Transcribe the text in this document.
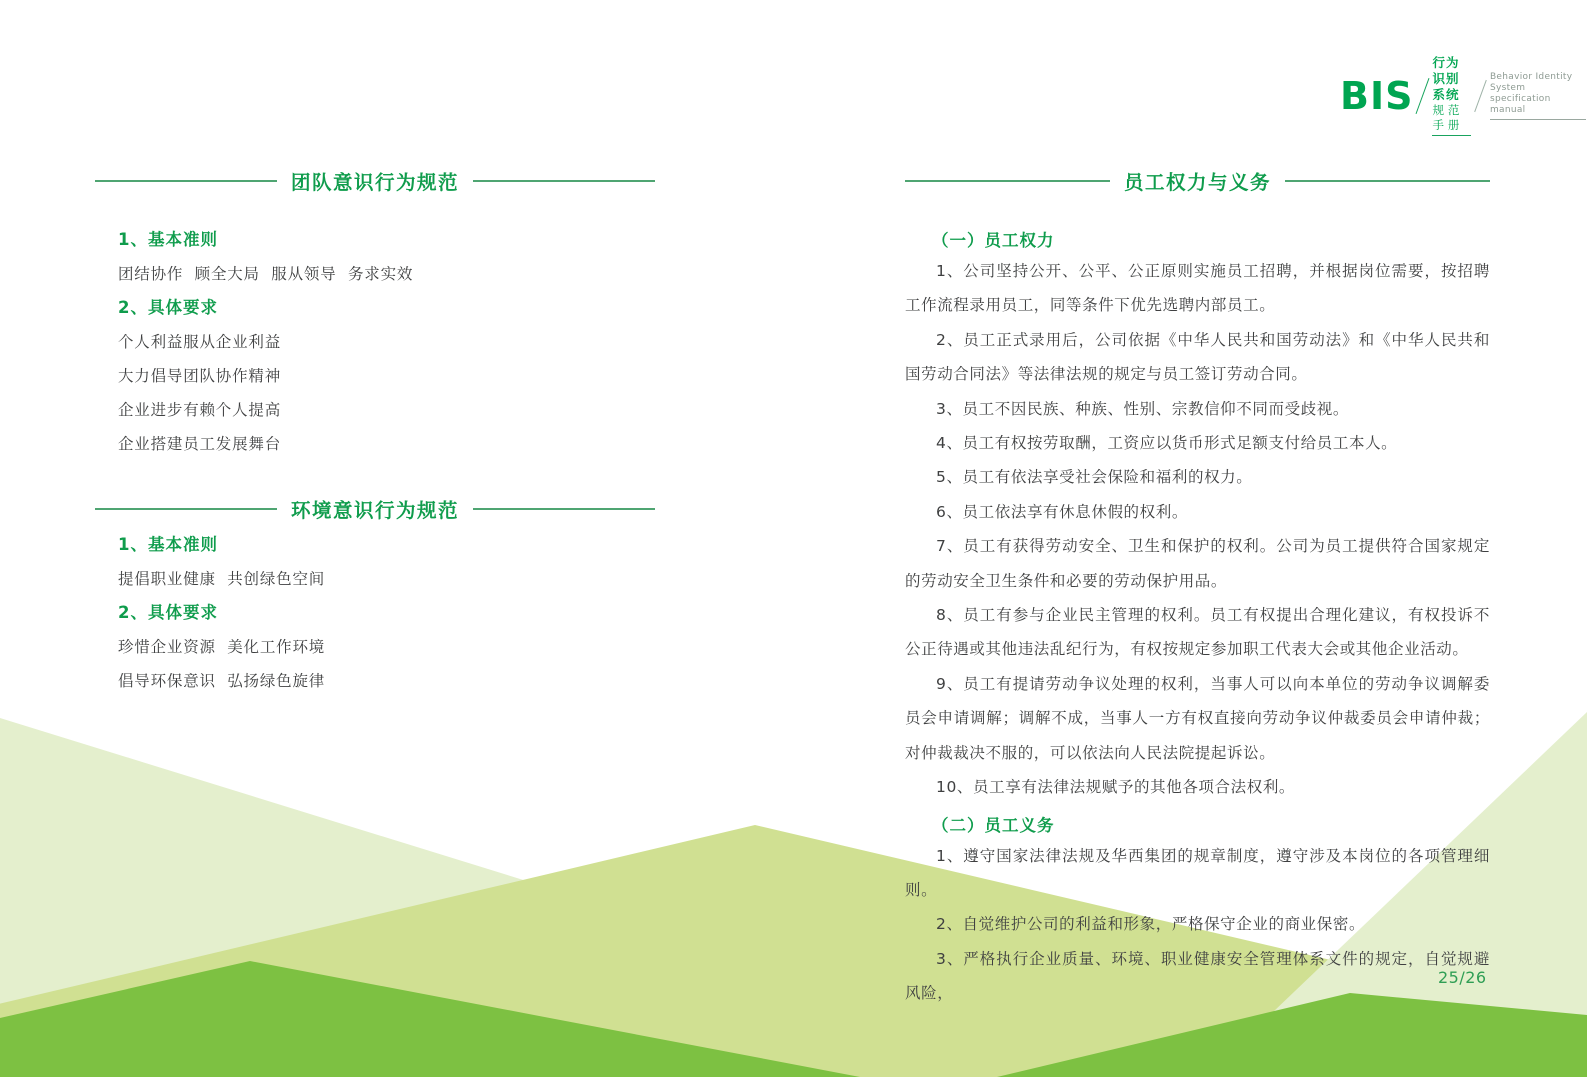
BIS
行为识别系统
规范手册
Behavior Identity System
specification manual
团队意识行为规范
1、基本准则
团结协作  顾全大局  服从领导  务求实效
2、具体要求
个人利益服从企业利益
大力倡导团队协作精神
企业进步有赖个人提高
企业搭建员工发展舞台
环境意识行为规范
1、基本准则
提倡职业健康  共创绿色空间
2、具体要求
珍惜企业资源  美化工作环境
倡导环保意识  弘扬绿色旋律
员工权力与义务
（一）员工权力

1、公司坚持公开、公平、公正原则实施员工招聘，并根据岗位需要，按招聘工作流程录用员工，同等条件下优先选聘内部员工。

2、员工正式录用后，公司依据《中华人民共和国劳动法》和《中华人民共和国劳动合同法》等法律法规的规定与员工签订劳动合同。

3、员工不因民族、种族、性别、宗教信仰不同而受歧视。

4、员工有权按劳取酬，工资应以货币形式足额支付给员工本人。

5、员工有依法享受社会保险和福利的权力。

6、员工依法享有休息休假的权利。

7、员工有获得劳动安全、卫生和保护的权利。公司为员工提供符合国家规定的劳动安全卫生条件和必要的劳动保护用品。

8、员工有参与企业民主管理的权利。员工有权提出合理化建议，有权投诉不公正待遇或其他违法乱纪行为，有权按规定参加职工代表大会或其他企业活动。

9、员工有提请劳动争议处理的权利，当事人可以向本单位的劳动争议调解委员会申请调解；调解不成，当事人一方有权直接向劳动争议仲裁委员会申请仲裁；对仲裁裁决不服的，可以依法向人民法院提起诉讼。

10、员工享有法律法规赋予的其他各项合法权利。

（二）员工义务

1、遵守国家法律法规及华西集团的规章制度，遵守涉及本岗位的各项管理细则。

2、自觉维护公司的利益和形象，严格保守企业的商业保密。

3、严格执行企业质量、环境、职业健康安全管理体系文件的规定，自觉规避风险，

25/26
